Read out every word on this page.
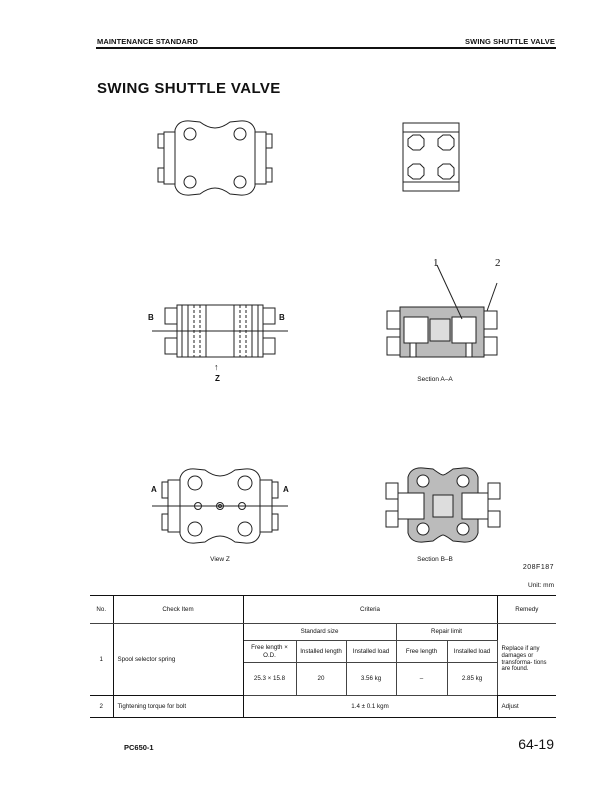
MAINTENANCE STANDARD	SWING SHUTTLE VALVE
SWING SHUTTLE VALVE
B	B
↑
Z
1	2
Section A–A
A	A
View Z	Section B–B
208F187
Unit: mm
No.	Check Item	Criteria					Remedy
1	Spool selector spring	Standard size			Repair limit		Replace if any damages or transforma- tions are found.
		Free length × O.D.	Installed length	Installed load	Free length	Installed load	
		25.3 × 15.8	20	3.56 kg	–	2.85 kg	
2	Tightening torque for bolt	1.4 ± 0.1 kgm					Adjust
PC650-1	64-19
